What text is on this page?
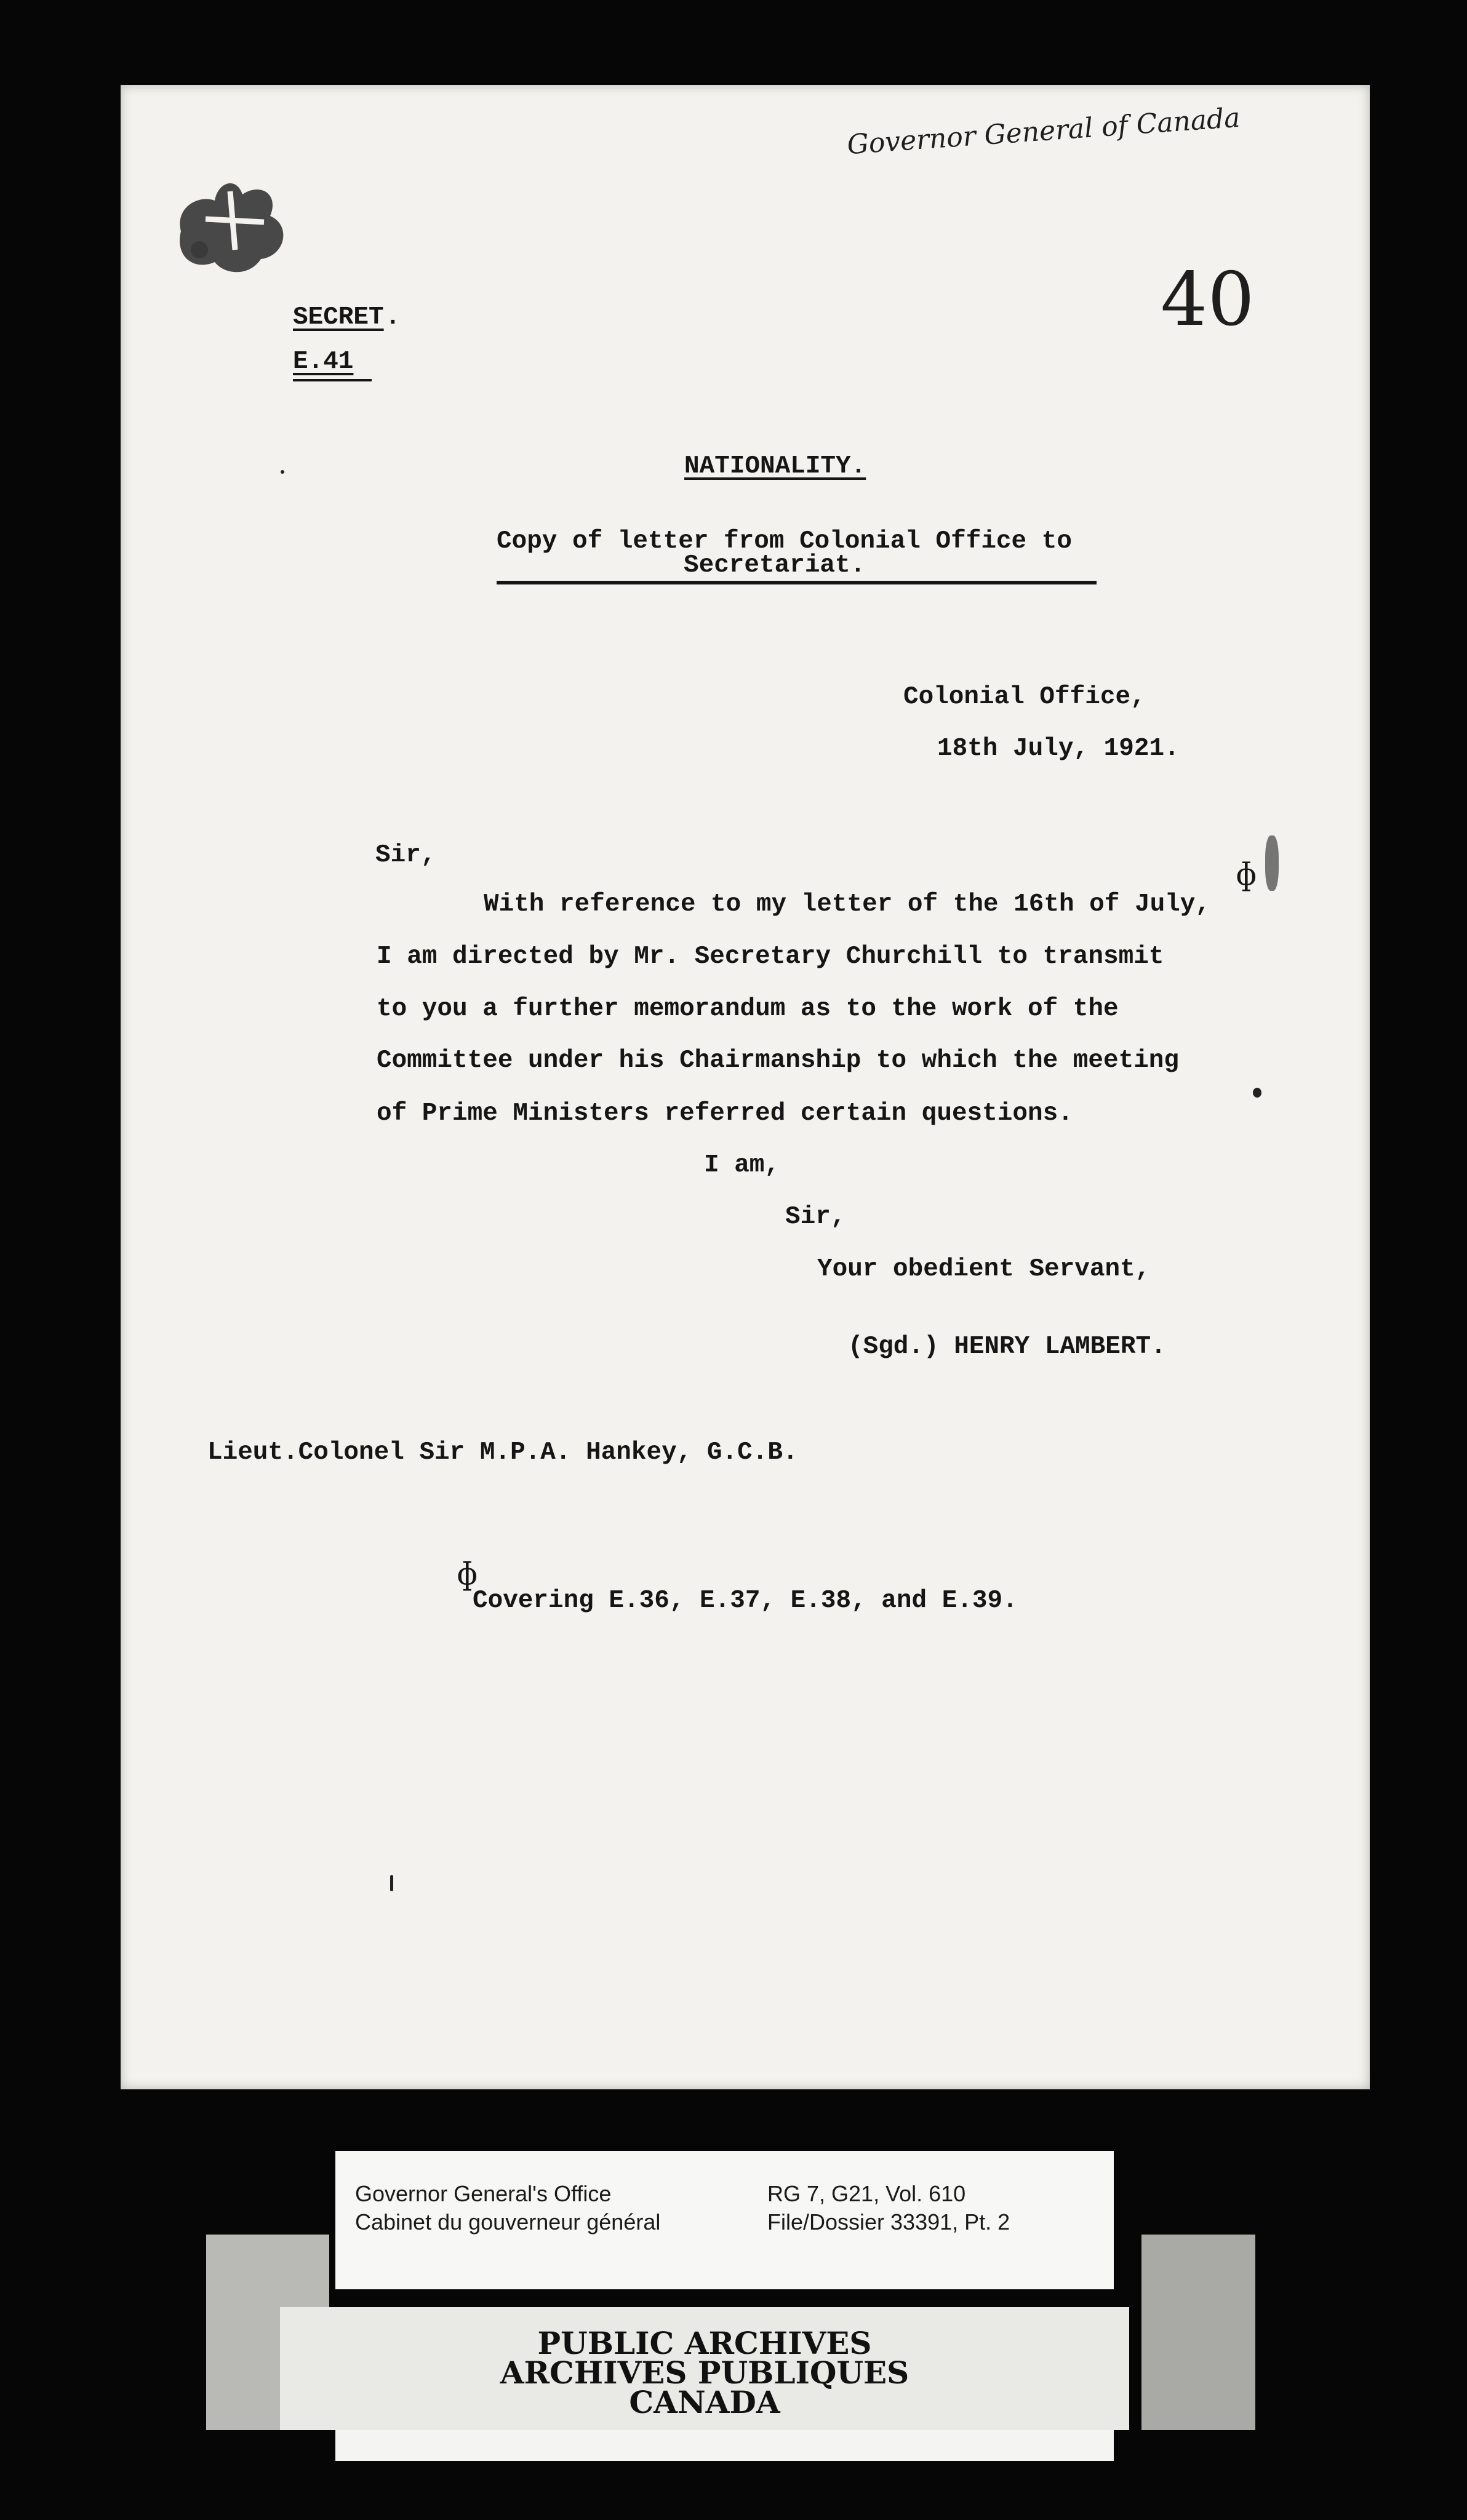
Governor General of Canada
40
SECRET .
E.41
NATIONALITY.
Copy of letter from Colonial Office to
Secretariat.
Colonial Office,
18th July, 1921.
Sir,
With reference to my letter of the 16th of July,
ɸ
I am directed by Mr. Secretary Churchill to transmit
to you a further memorandum as to the work of the
Committee under his Chairmanship to which the meeting
of Prime Ministers referred certain questions.
I am,
Sir,
Your obedient Servant,
(Sgd.) HENRY LAMBERT.
Lieut.Colonel Sir M.P.A. Hankey, G.C.B.
ɸ
Covering E.36, E.37, E.38, and E.39.
Governor General's Office
Cabinet du gouverneur général
RG 7, G21, Vol. 610
File/Dossier 33391, Pt. 2
PUBLIC ARCHIVES
ARCHIVES PUBLIQUES
CANADA
